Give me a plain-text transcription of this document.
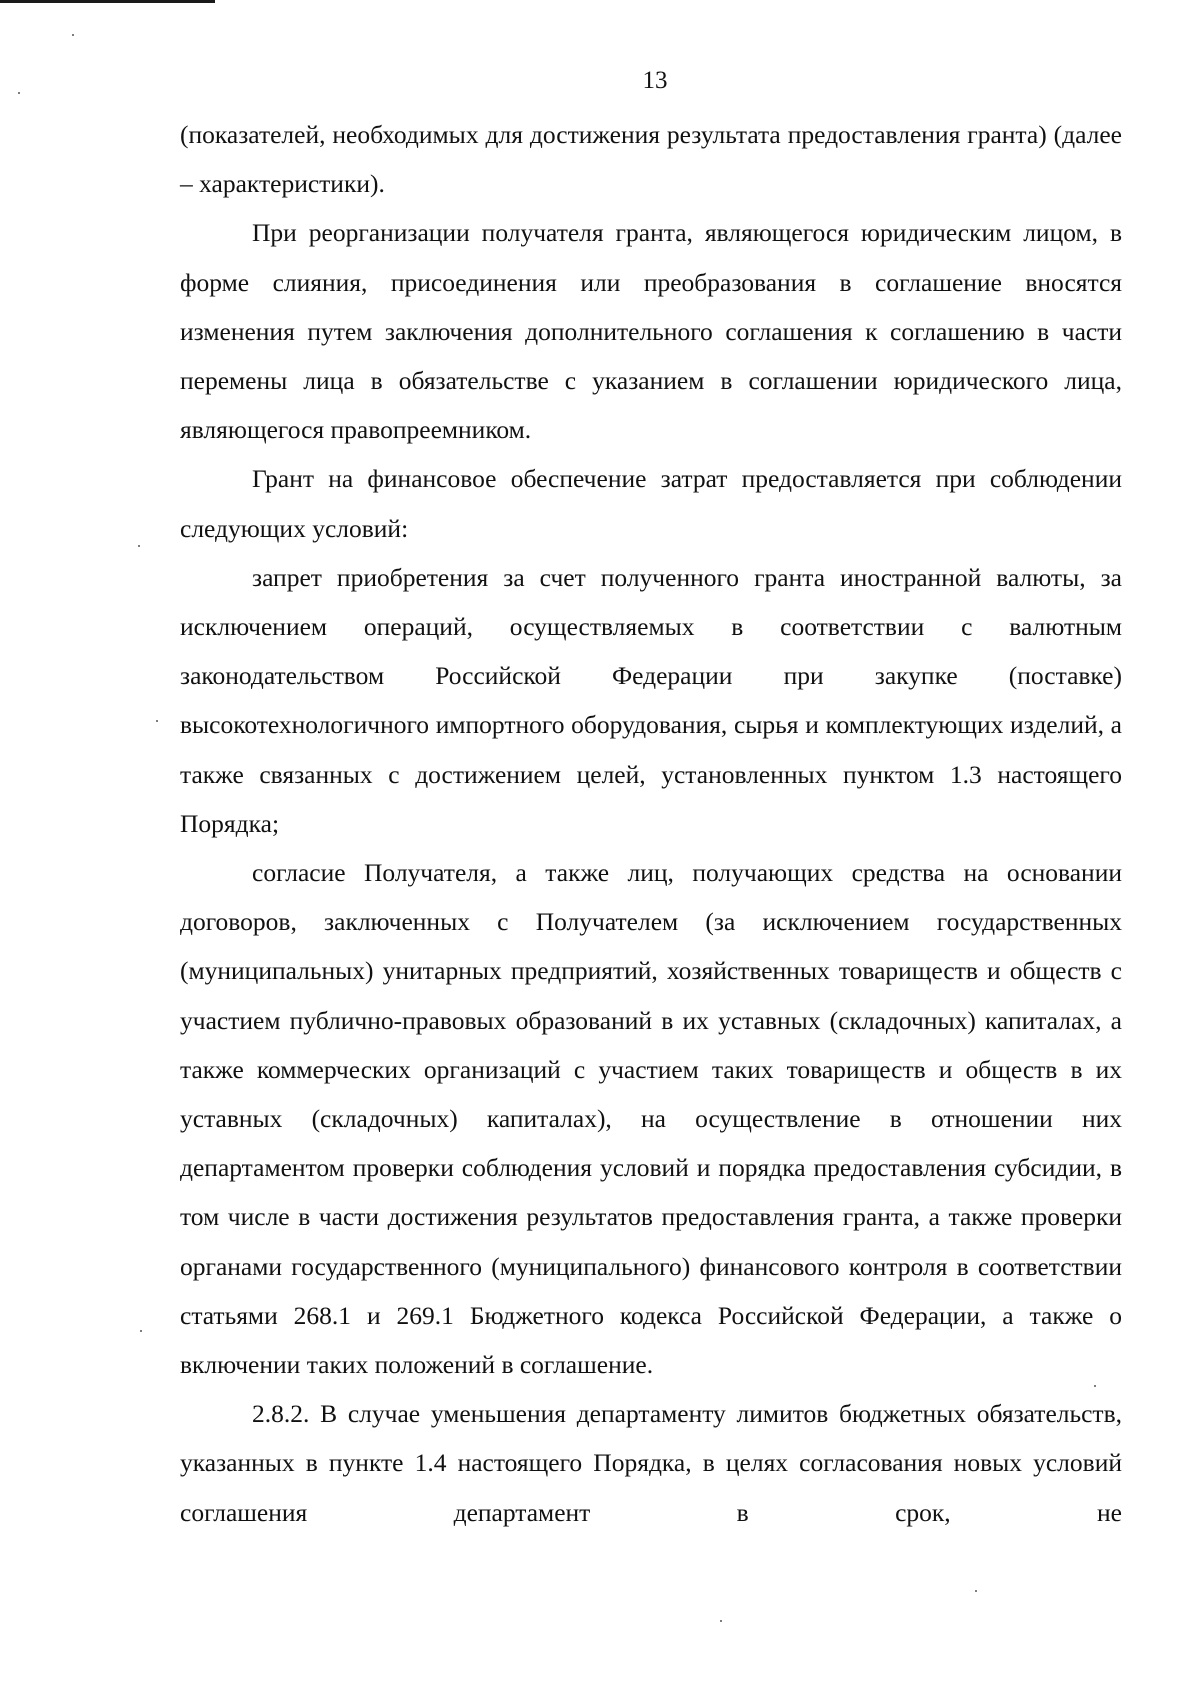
13

(показателей, необходимых для достижения результата предоставления гранта) (далее – характеристики).

При реорганизации получателя гранта, являющегося юридическим лицом, в форме слияния, присоединения или преобразования в соглашение вносятся изменения путем заключения дополнительного соглашения к соглашению в части перемены лица в обязательстве с указанием в соглашении юридического лица, являющегося правопреемником.

Грант на финансовое обеспечение затрат предоставляется при соблюдении следующих условий:

запрет приобретения за счет полученного гранта иностранной валюты, за исключением операций, осуществляемых в соответствии с валютным законодательством Российской Федерации при закупке (поставке) высокотехнологичного импортного оборудования, сырья и комплектующих изделий, а также связанных с достижением целей, установленных пунктом 1.3 настоящего Порядка;

согласие Получателя, а также лиц, получающих средства на основании договоров, заключенных с Получателем (за исключением государственных (муниципальных) унитарных предприятий, хозяйственных товариществ и обществ с участием публично-правовых образований в их уставных (складочных) капиталах, а также коммерческих организаций с участием таких товариществ и обществ в их уставных (складочных) капиталах), на осуществление в отношении них департаментом проверки соблюдения условий и порядка предоставления субсидии, в том числе в части достижения результатов предоставления гранта, а также проверки органами государственного (муниципального) финансового контроля в соответствии статьями 268.1 и 269.1 Бюджетного кодекса Российской Федерации, а также о включении таких положений в соглашение.

2.8.2. В случае уменьшения департаменту лимитов бюджетных обязательств, указанных в пункте 1.4 настоящего Порядка, в целях согласования новых условий соглашения департамент в срок, не
